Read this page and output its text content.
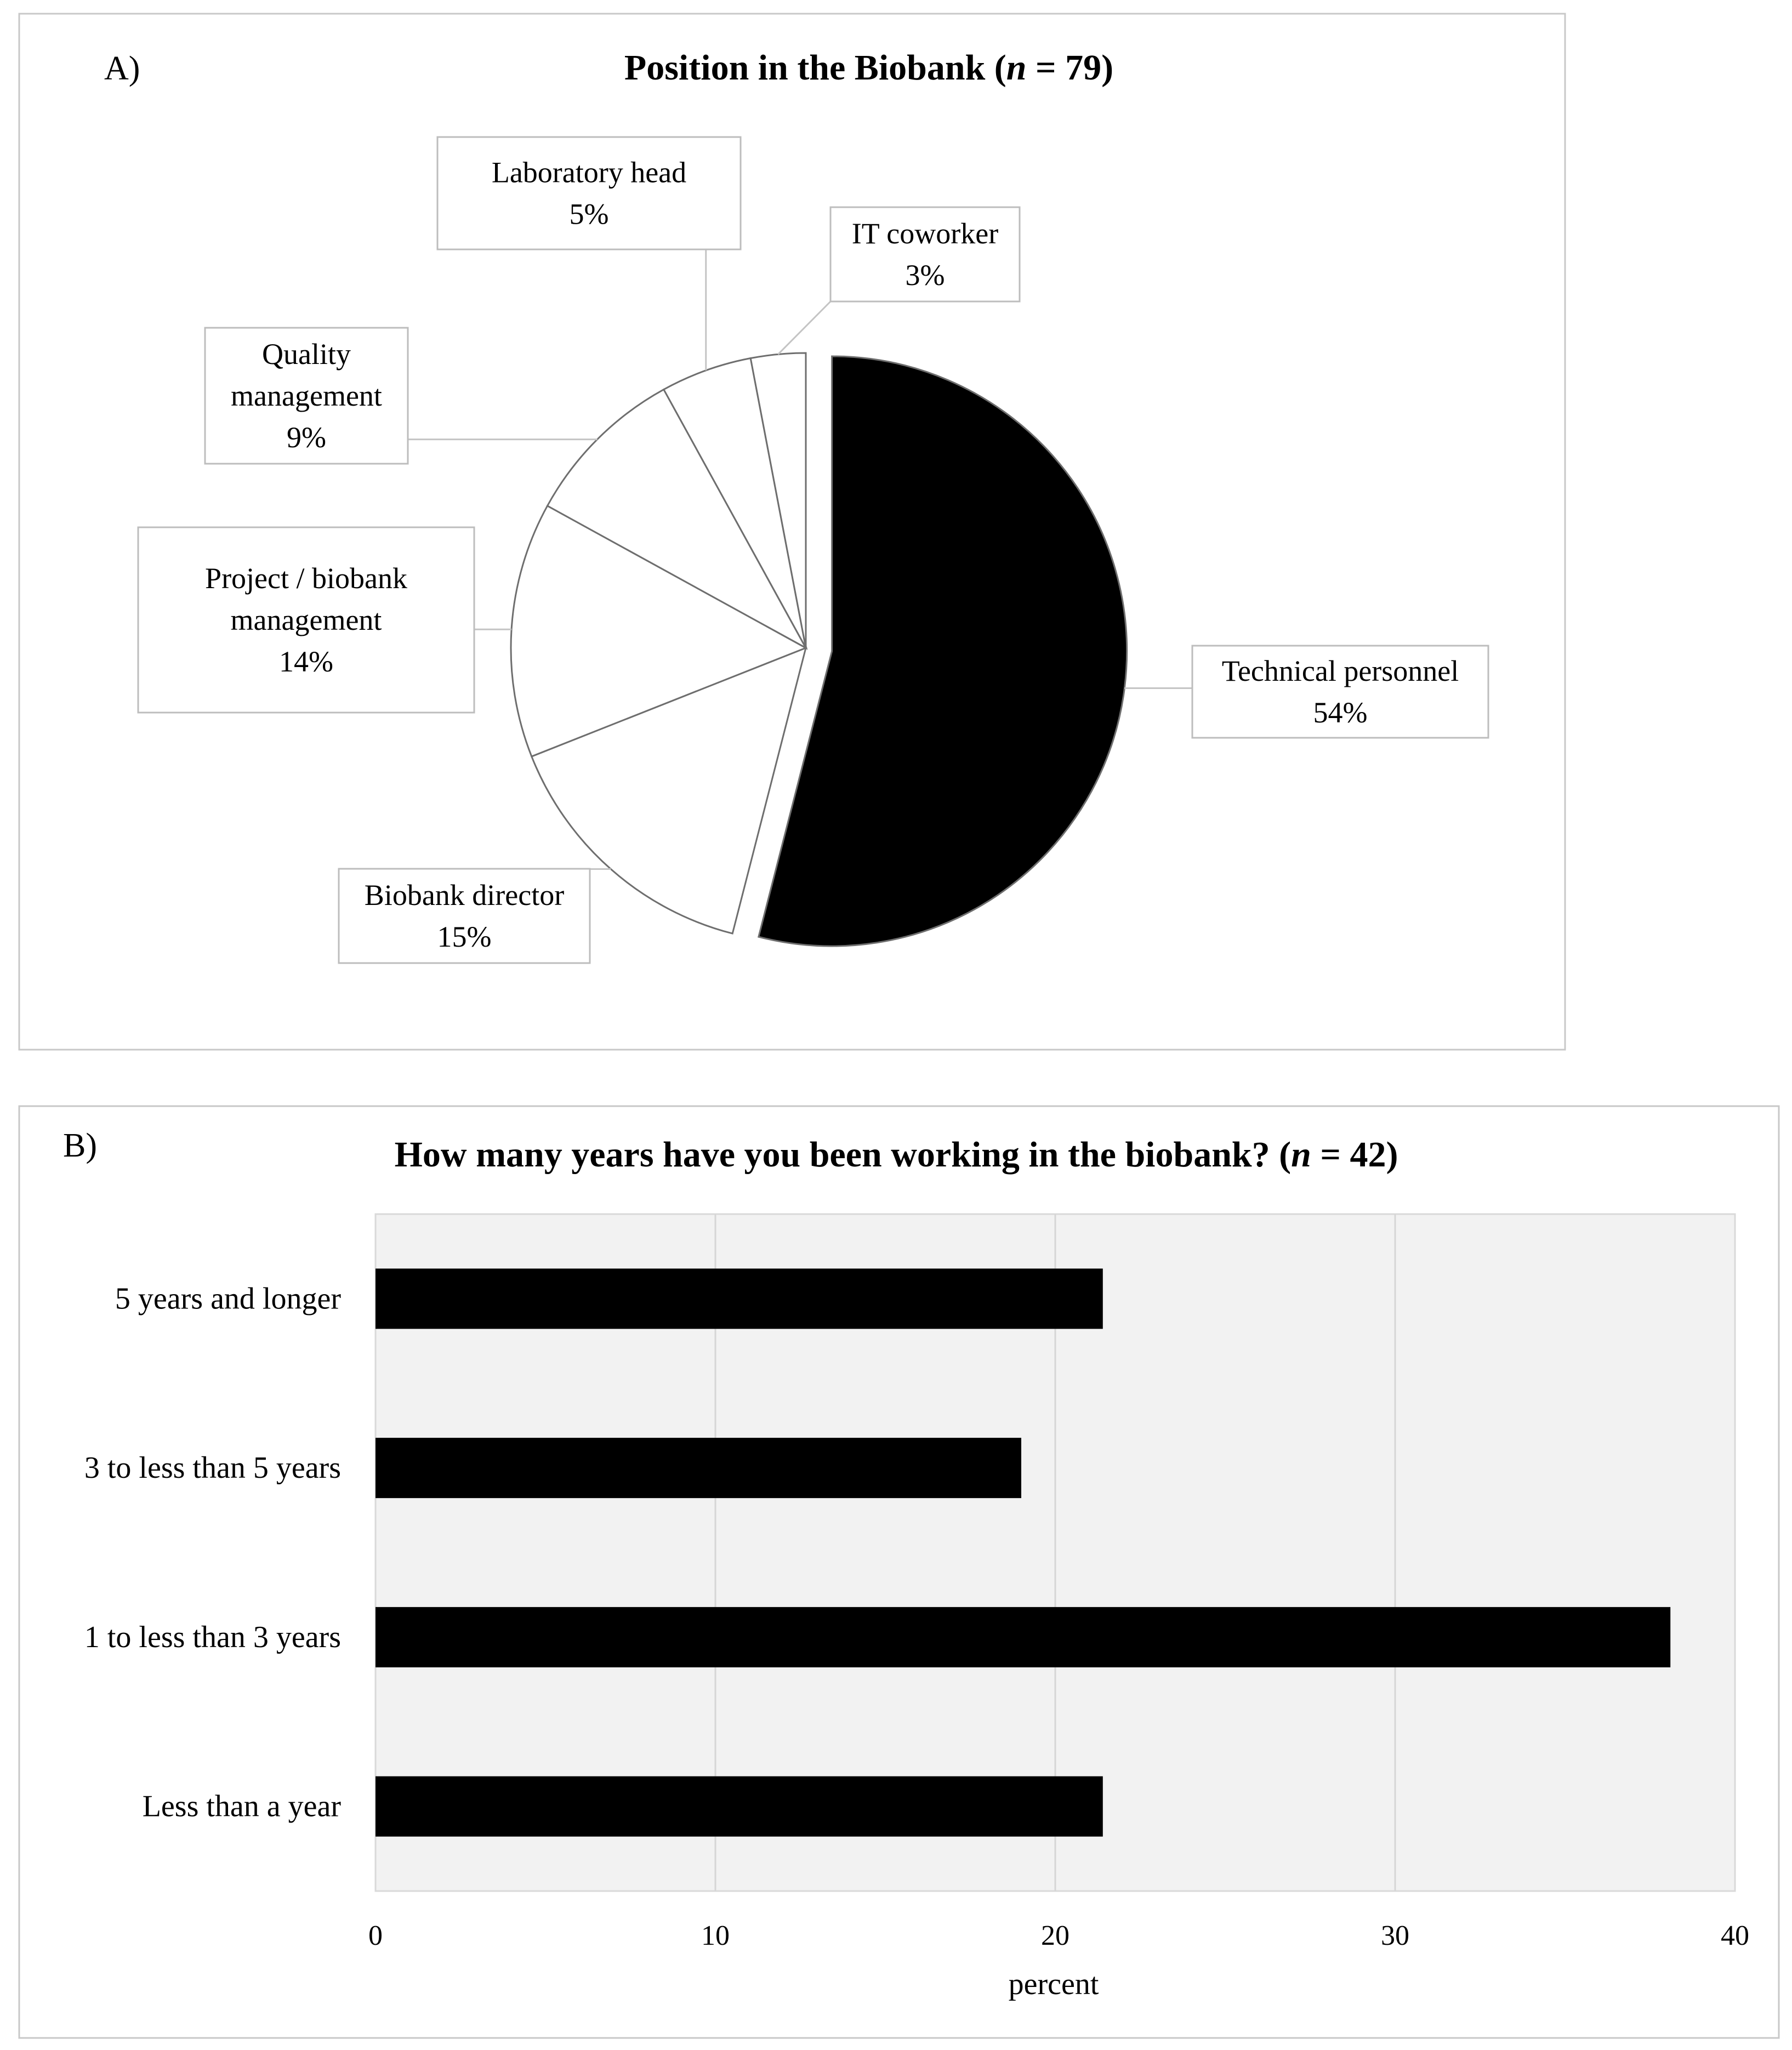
A)	Position in the Biobank (n = 79)
Technical personnel
54%
Biobank director
15%
Project / biobank
management
14%
Quality
management
9%
Laboratory head
5%
IT coworker
3%
B)	How many years have you been working in the biobank? (n = 42)
5 years and longer
3 to less than 5 years
1 to less than 3 years
Less than a year
0	10	20	30	40
percent
